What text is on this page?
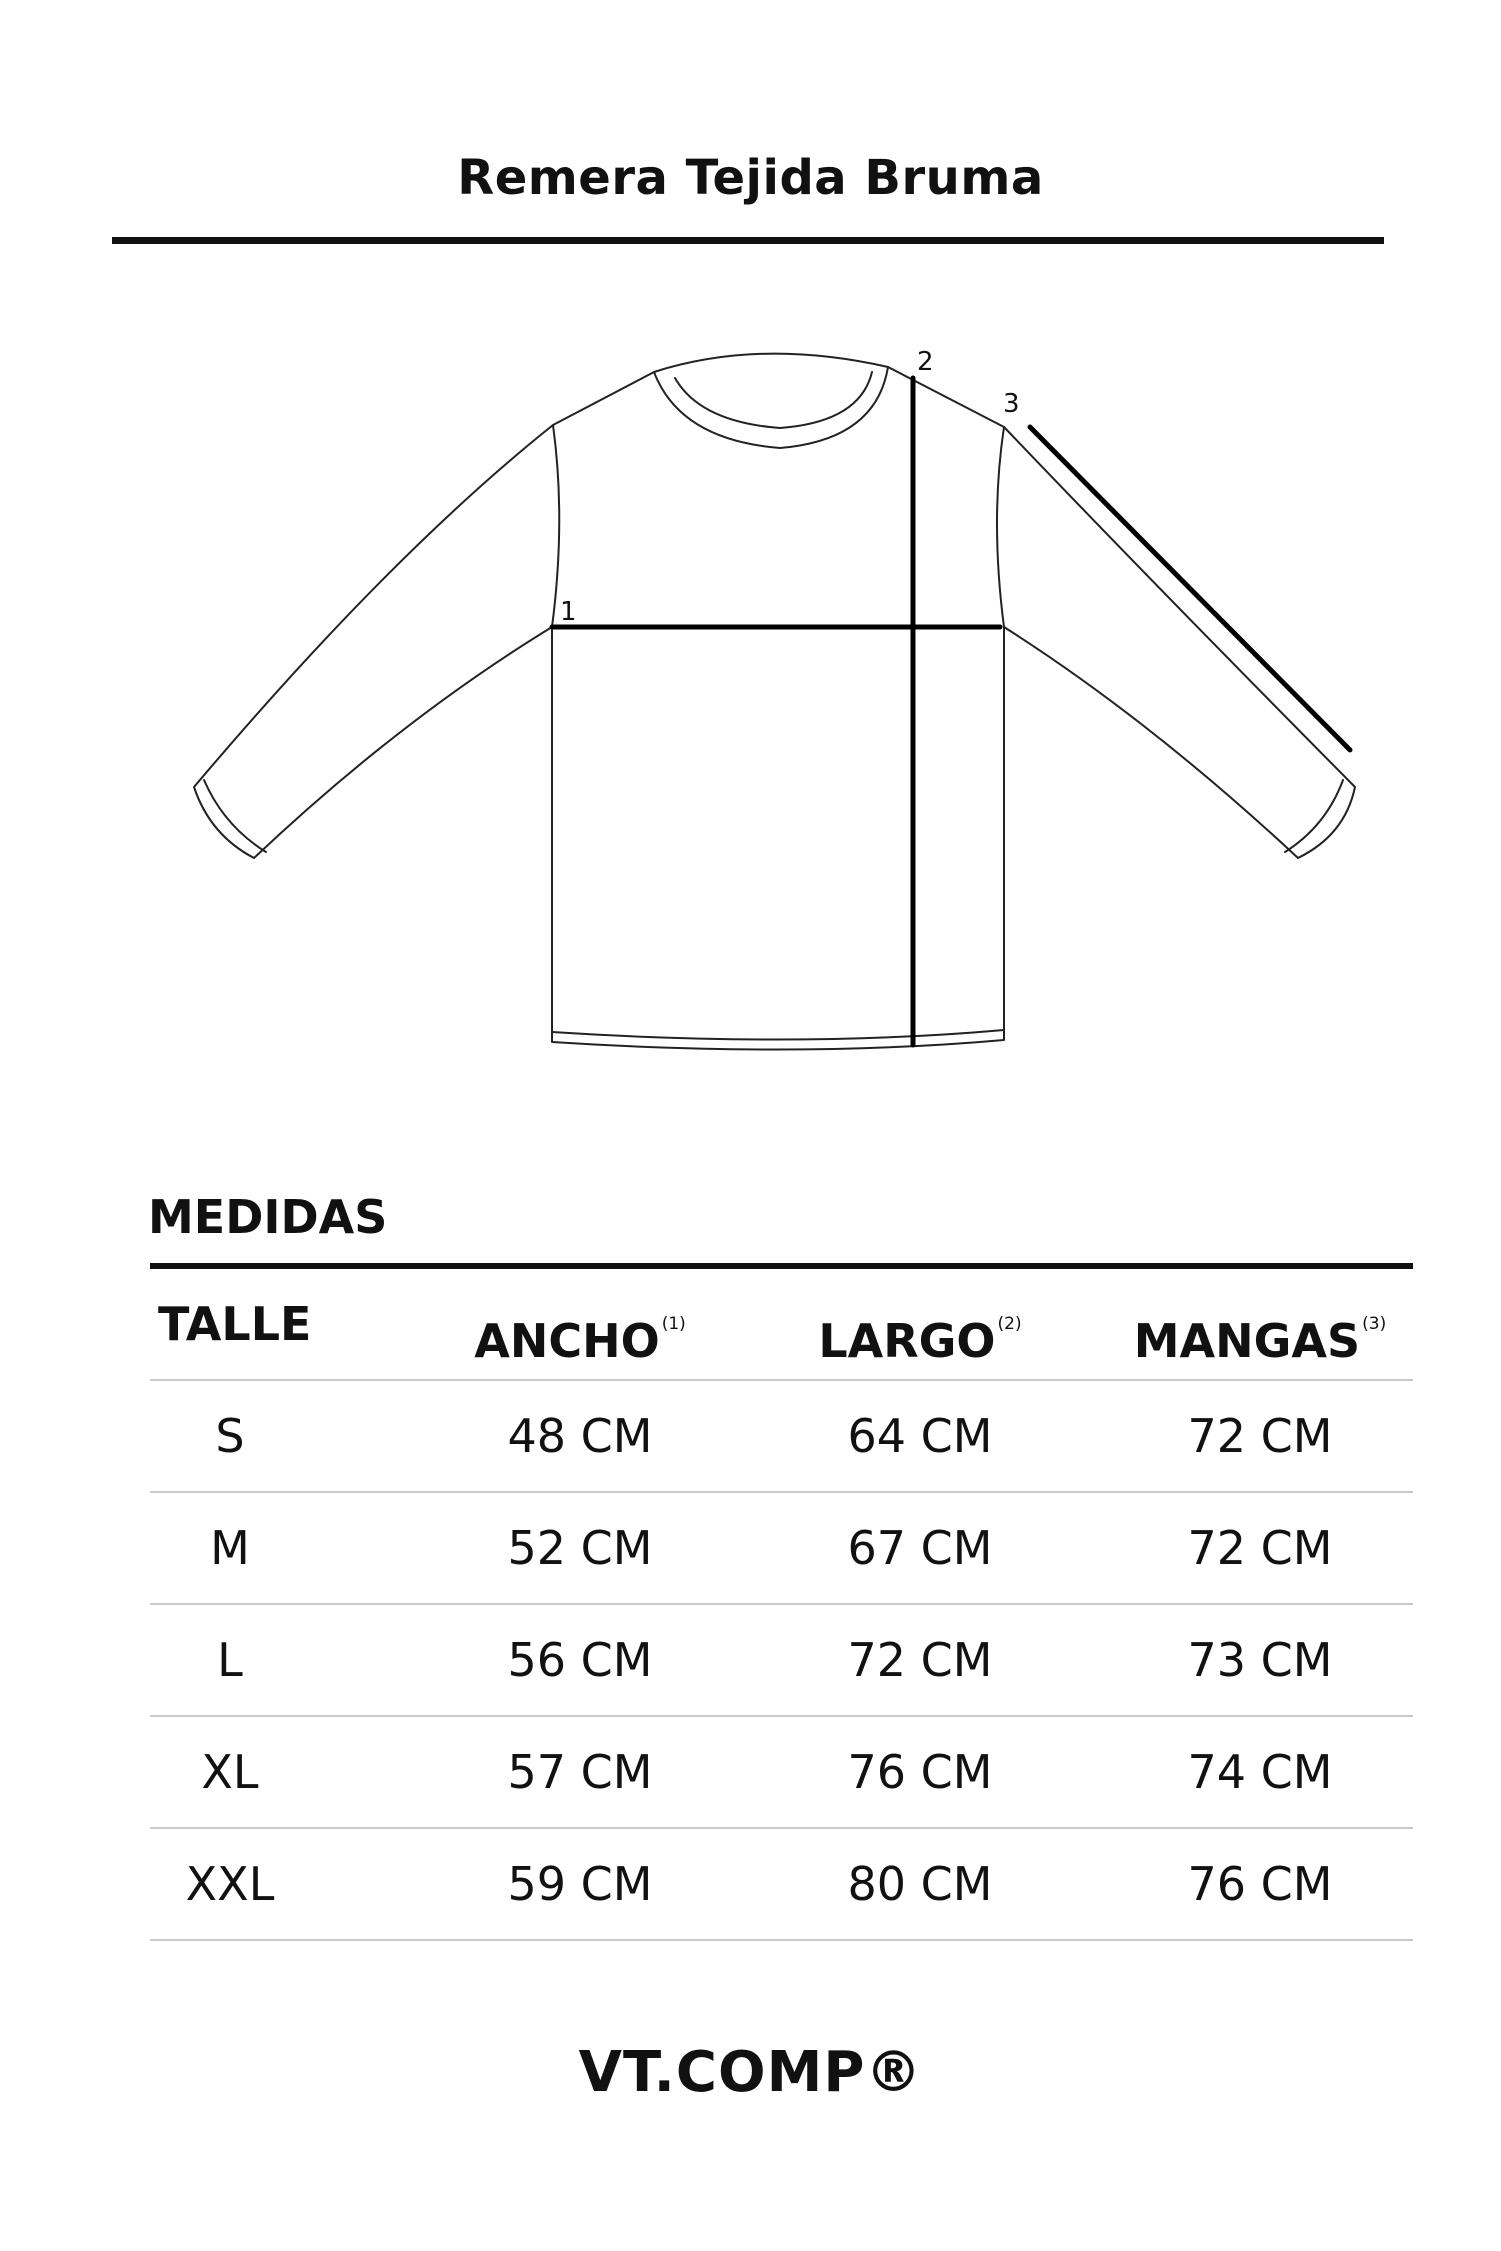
Remera Tejida Bruma
1
2
3
MEDIDAS
TALLE	ANCHO $^{(1)}$	LARGO $^{(2)}$	MANGAS $^{(3)}$
S	48 CM	64 CM	72 CM
M	52 CM	67 CM	72 CM
L	56 CM	72 CM	73 CM
XL	57 CM	76 CM	74 CM
XXL	59 CM	80 CM	76 CM
VT.COMP®
